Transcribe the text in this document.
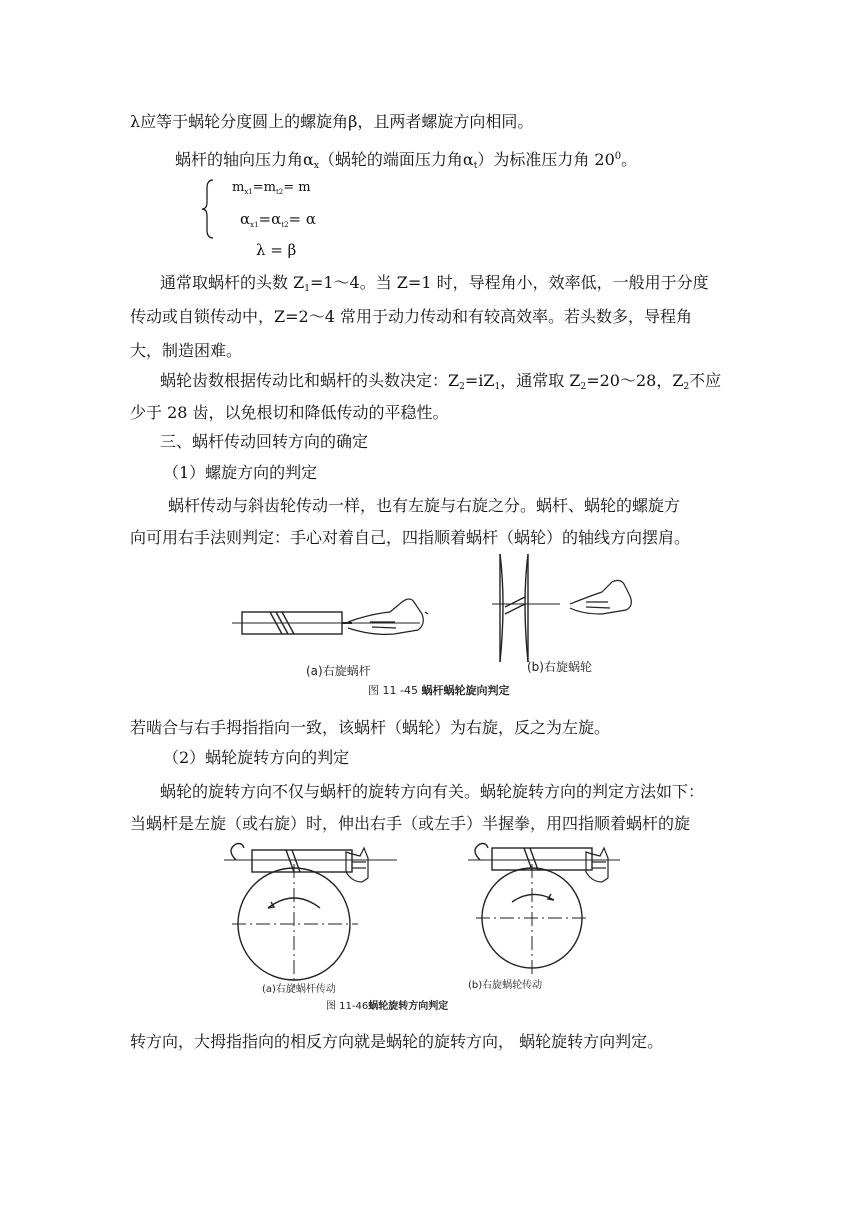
λ应等于蜗轮分度圆上的螺旋角β，且两者螺旋方向相同。
蜗杆的轴向压力角$\alpha_x$（蜗轮的端面压力角$\alpha_t$）为标准压力角 $20^0$。
$m_{x1}=m_{t2}= m$
$\alpha_{x1}=\alpha_{t2}= \alpha$
λ = β
通常取蜗杆的头数 $Z_1=1\sim 4$。当 Z=1 时，导程角小，效率低，一般用于分度
传动或自锁传动中，Z=2～4 常用于动力传动和有较高效率。若头数多，导程角
大，制造困难。
蜗轮齿数根据传动比和蜗杆的头数决定：$Z_2=iZ_1$，通常取 $Z_2=20\sim 28$，$Z_2$不应
少于 28 齿，以免根切和降低传动的平稳性。
三、蜗杆传动回转方向的确定
（1）螺旋方向的判定
蜗杆传动与斜齿轮传动一样，也有左旋与右旋之分。蜗杆、蜗轮的螺旋方
向可用右手法则判定：手心对着自己，四指顺着蜗杆（蜗轮）的轴线方向摆肩。
(a)右旋蜗杆	(b)右旋蜗轮
图 11 -45 蜗杆蜗轮旋向判定
若啮合与右手拇指指向一致，该蜗杆（蜗轮）为右旋，反之为左旋。
（2）蜗轮旋转方向的判定
蜗轮的旋转方向不仅与蜗杆的旋转方向有关。蜗轮旋转方向的判定方法如下：
当蜗杆是左旋（或右旋）时，伸出右手（或左手）半握拳，用四指顺着蜗杆的旋
(a)右旋蜗杆传动	(b)右旋蜗轮传动
图 11-46蜗轮旋转方向判定
转方向，大拇指指向的相反方向就是蜗轮的旋转方向， 蜗轮旋转方向判定。
